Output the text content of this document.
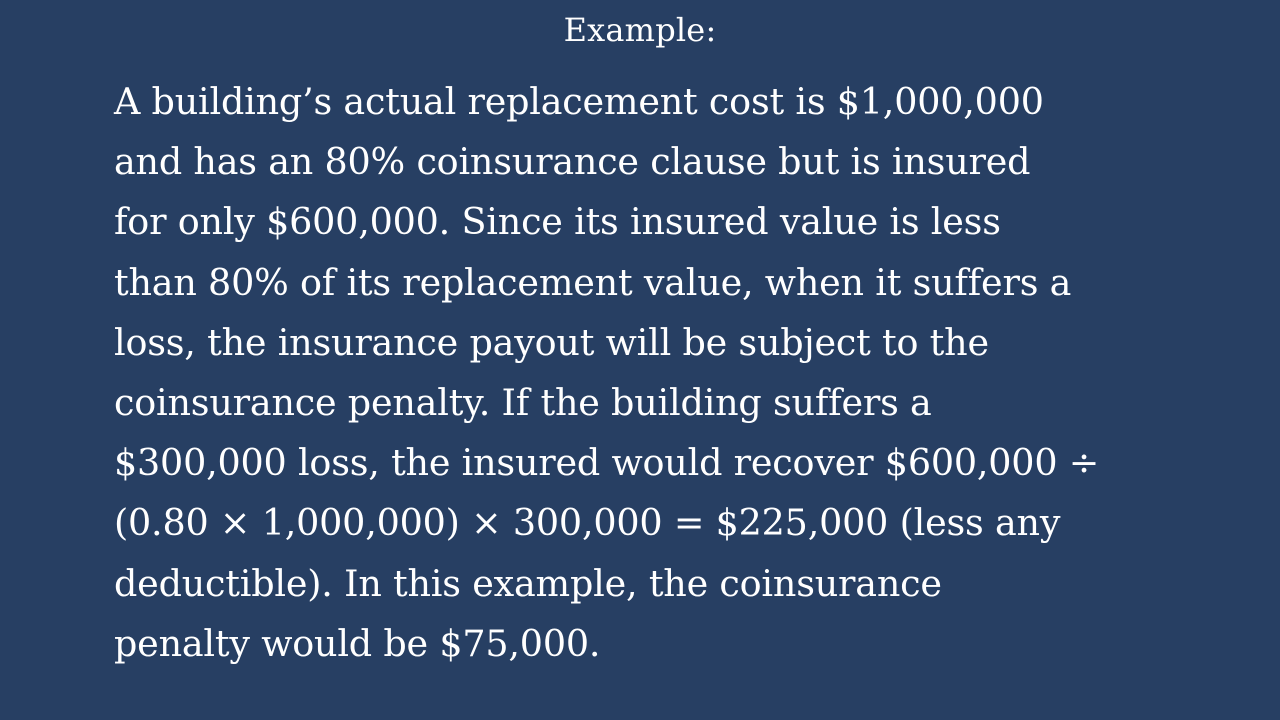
Example:
A building’s actual replacement cost is $1,000,000
and has an 80% coinsurance clause but is insured
for only $600,000. Since its insured value is less
than 80% of its replacement value, when it suffers a
loss, the insurance payout will be subject to the
coinsurance penalty. If the building suffers a
$300,000 loss, the insured would recover $600,000 ÷
(0.80 × 1,000,000) × 300,000 = $225,000 (less any
deductible). In this example, the coinsurance
penalty would be $75,000.
